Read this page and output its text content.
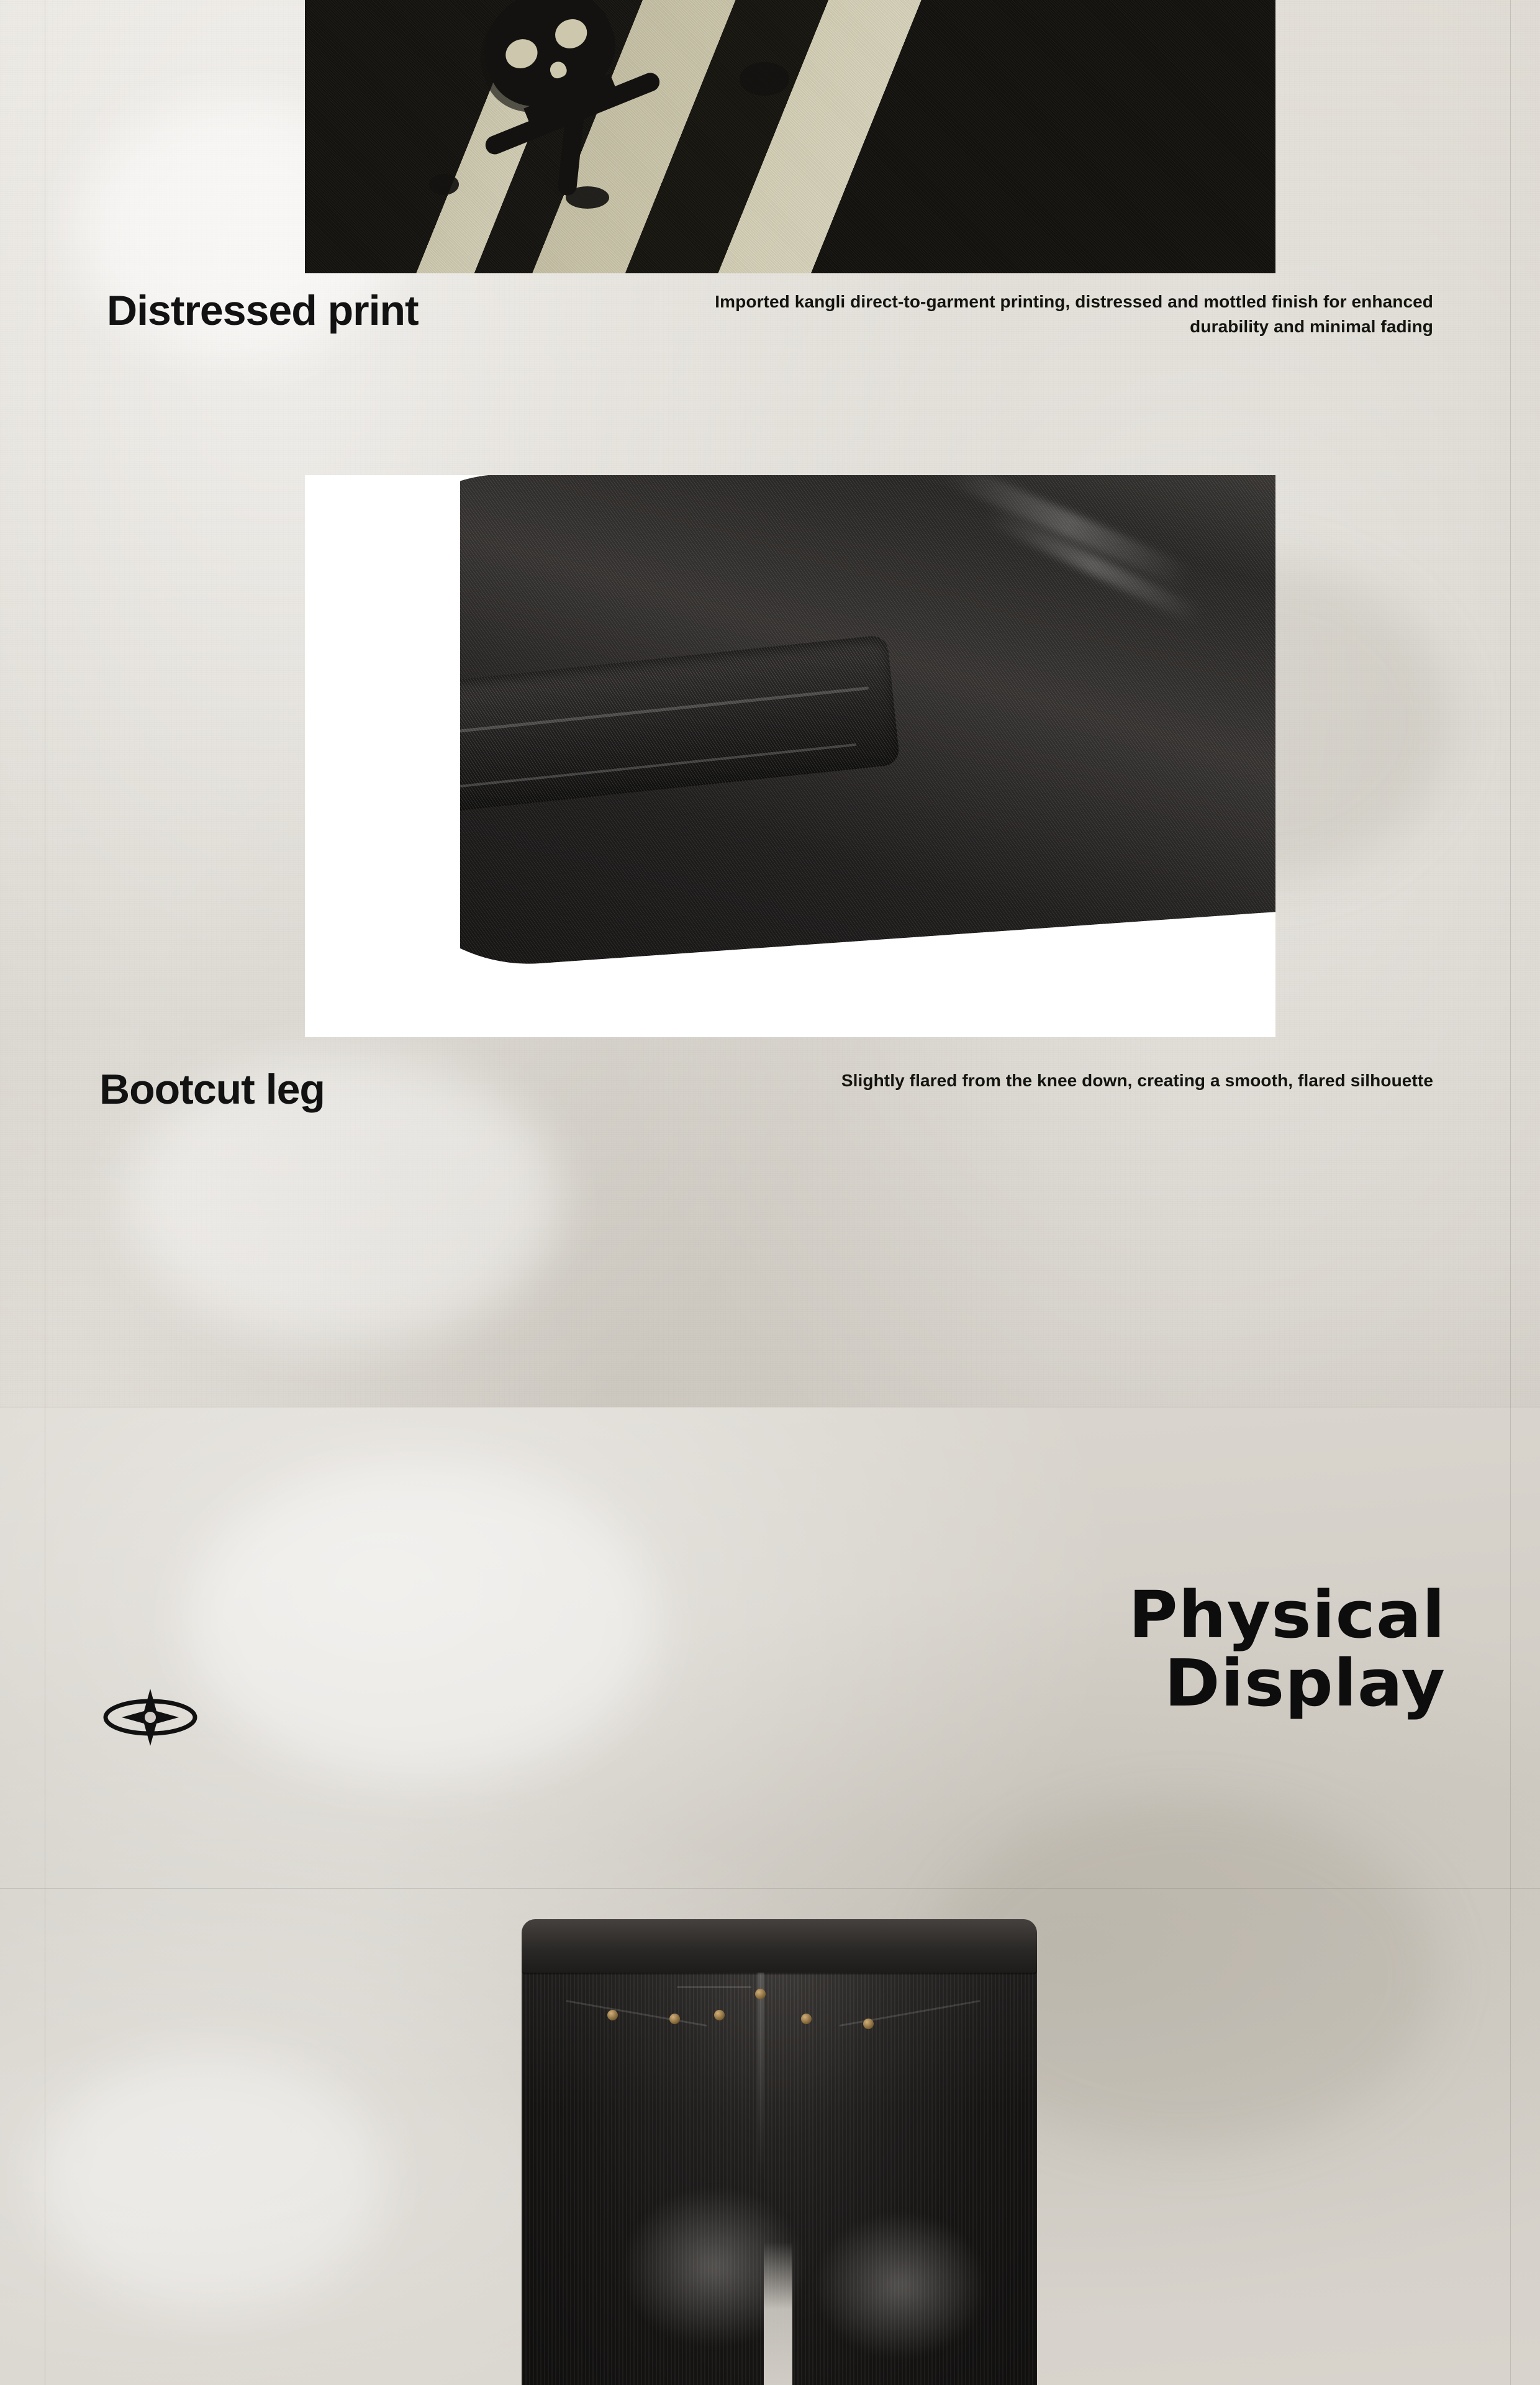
Distressed print	Imported kangli direct-to-garment printing, distressed and mottled finish for enhanced durability and minimal fading
Bootcut leg	Slightly flared from the knee down, creating a smooth, flared silhouette
Physical
Display
